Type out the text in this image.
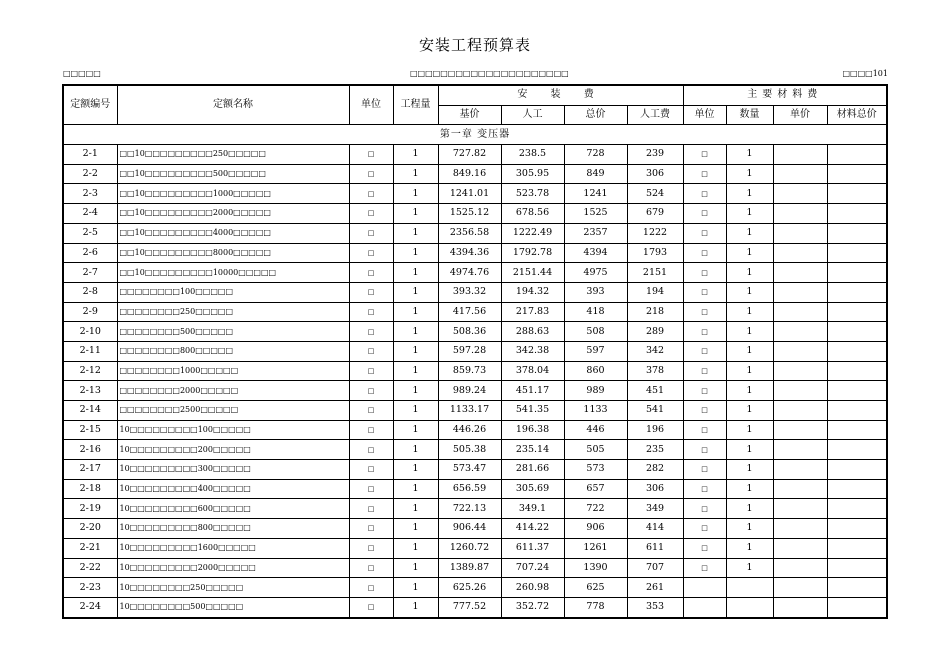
安装工程预算表
□□□□□	□□□□□□□□□□□□□□□□□□□□□	□□□□101
定额编号	定额名称	单位	工程量	安 装 费				主要材料费			
				基价	人工	总价	人工费	单位	数量	单价	材料总价
第一章 变压器											
2-1	□□10□□□□□□□□□250□□□□□	□	1	727.82	238.5	728	239	□	1		
2-2	□□10□□□□□□□□□500□□□□□	□	1	849.16	305.95	849	306	□	1		
2-3	□□10□□□□□□□□□1000□□□□□	□	1	1241.01	523.78	1241	524	□	1		
2-4	□□10□□□□□□□□□2000□□□□□	□	1	1525.12	678.56	1525	679	□	1		
2-5	□□10□□□□□□□□□4000□□□□□	□	1	2356.58	1222.49	2357	1222	□	1		
2-6	□□10□□□□□□□□□8000□□□□□	□	1	4394.36	1792.78	4394	1793	□	1		
2-7	□□10□□□□□□□□□10000□□□□□	□	1	4974.76	2151.44	4975	2151	□	1		
2-8	□□□□□□□□100□□□□□	□	1	393.32	194.32	393	194	□	1		
2-9	□□□□□□□□250□□□□□	□	1	417.56	217.83	418	218	□	1		
2-10	□□□□□□□□500□□□□□	□	1	508.36	288.63	508	289	□	1		
2-11	□□□□□□□□800□□□□□	□	1	597.28	342.38	597	342	□	1		
2-12	□□□□□□□□1000□□□□□	□	1	859.73	378.04	860	378	□	1		
2-13	□□□□□□□□2000□□□□□	□	1	989.24	451.17	989	451	□	1		
2-14	□□□□□□□□2500□□□□□	□	1	1133.17	541.35	1133	541	□	1		
2-15	10□□□□□□□□□100□□□□□	□	1	446.26	196.38	446	196	□	1		
2-16	10□□□□□□□□□200□□□□□	□	1	505.38	235.14	505	235	□	1		
2-17	10□□□□□□□□□300□□□□□	□	1	573.47	281.66	573	282	□	1		
2-18	10□□□□□□□□□400□□□□□	□	1	656.59	305.69	657	306	□	1		
2-19	10□□□□□□□□□600□□□□□	□	1	722.13	349.1	722	349	□	1		
2-20	10□□□□□□□□□800□□□□□	□	1	906.44	414.22	906	414	□	1		
2-21	10□□□□□□□□□1600□□□□□	□	1	1260.72	611.37	1261	611	□	1		
2-22	10□□□□□□□□□2000□□□□□	□	1	1389.87	707.24	1390	707	□	1		
2-23	10□□□□□□□□250□□□□□	□	1	625.26	260.98	625	261				
2-24	10□□□□□□□□500□□□□□	□	1	777.52	352.72	778	353				
